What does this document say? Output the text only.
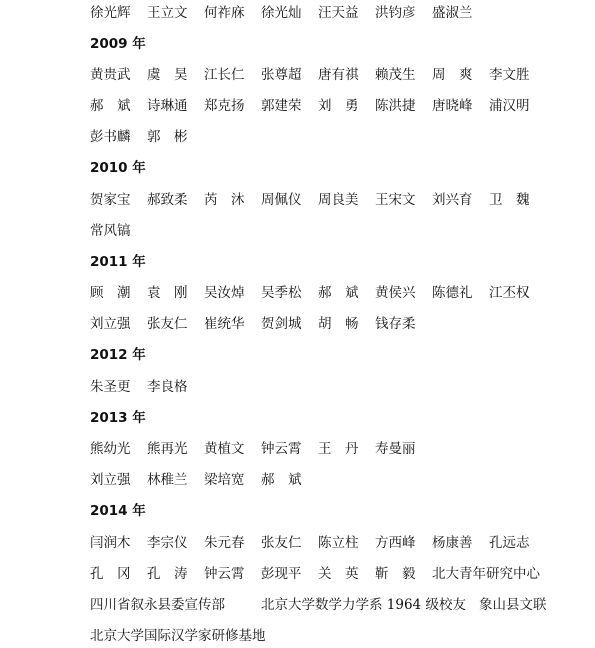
徐光辉 王立文 何祚庥 徐光灿 汪天益 洪钧彦 盛淑兰
2009 年
黄贵武 虞　昊 江长仁 张尊超 唐有祺 赖茂生 周　爽 李文胜
郝　斌 诗琳通 郑克扬 郭建荣 刘　勇 陈洪捷 唐晓峰 浦汉明
彭书麟 郭　彬
2010 年
贺家宝 郝致柔 芮　沐 周佩仪 周良美 王宋文 刘兴育 卫　魏
常风镐
2011 年
顾　潮 袁　刚 吴汝焯 吴季松 郝　斌 黄侯兴 陈德礼 江丕权
刘立强 张友仁 崔统华 贺剑城 胡　畅 钱存柔
2012 年
朱圣更 李良格
2013 年
熊幼光 熊再光 黄植文 钟云霄 王　丹 寿曼丽
刘立强 林稚兰 梁培宽 郝　斌
2014 年
闫润木 李宗仪 朱元春 张友仁 陈立柱 方西峰 杨康善 孔远志
孔　冈 孔　涛 钟云霄 彭现平 关　英 靳　毅 北大青年研究中心
四川省叙永县委宣传部	北京大学数学力学系 1964 级校友 象山县文联
北京大学国际汉学家研修基地
